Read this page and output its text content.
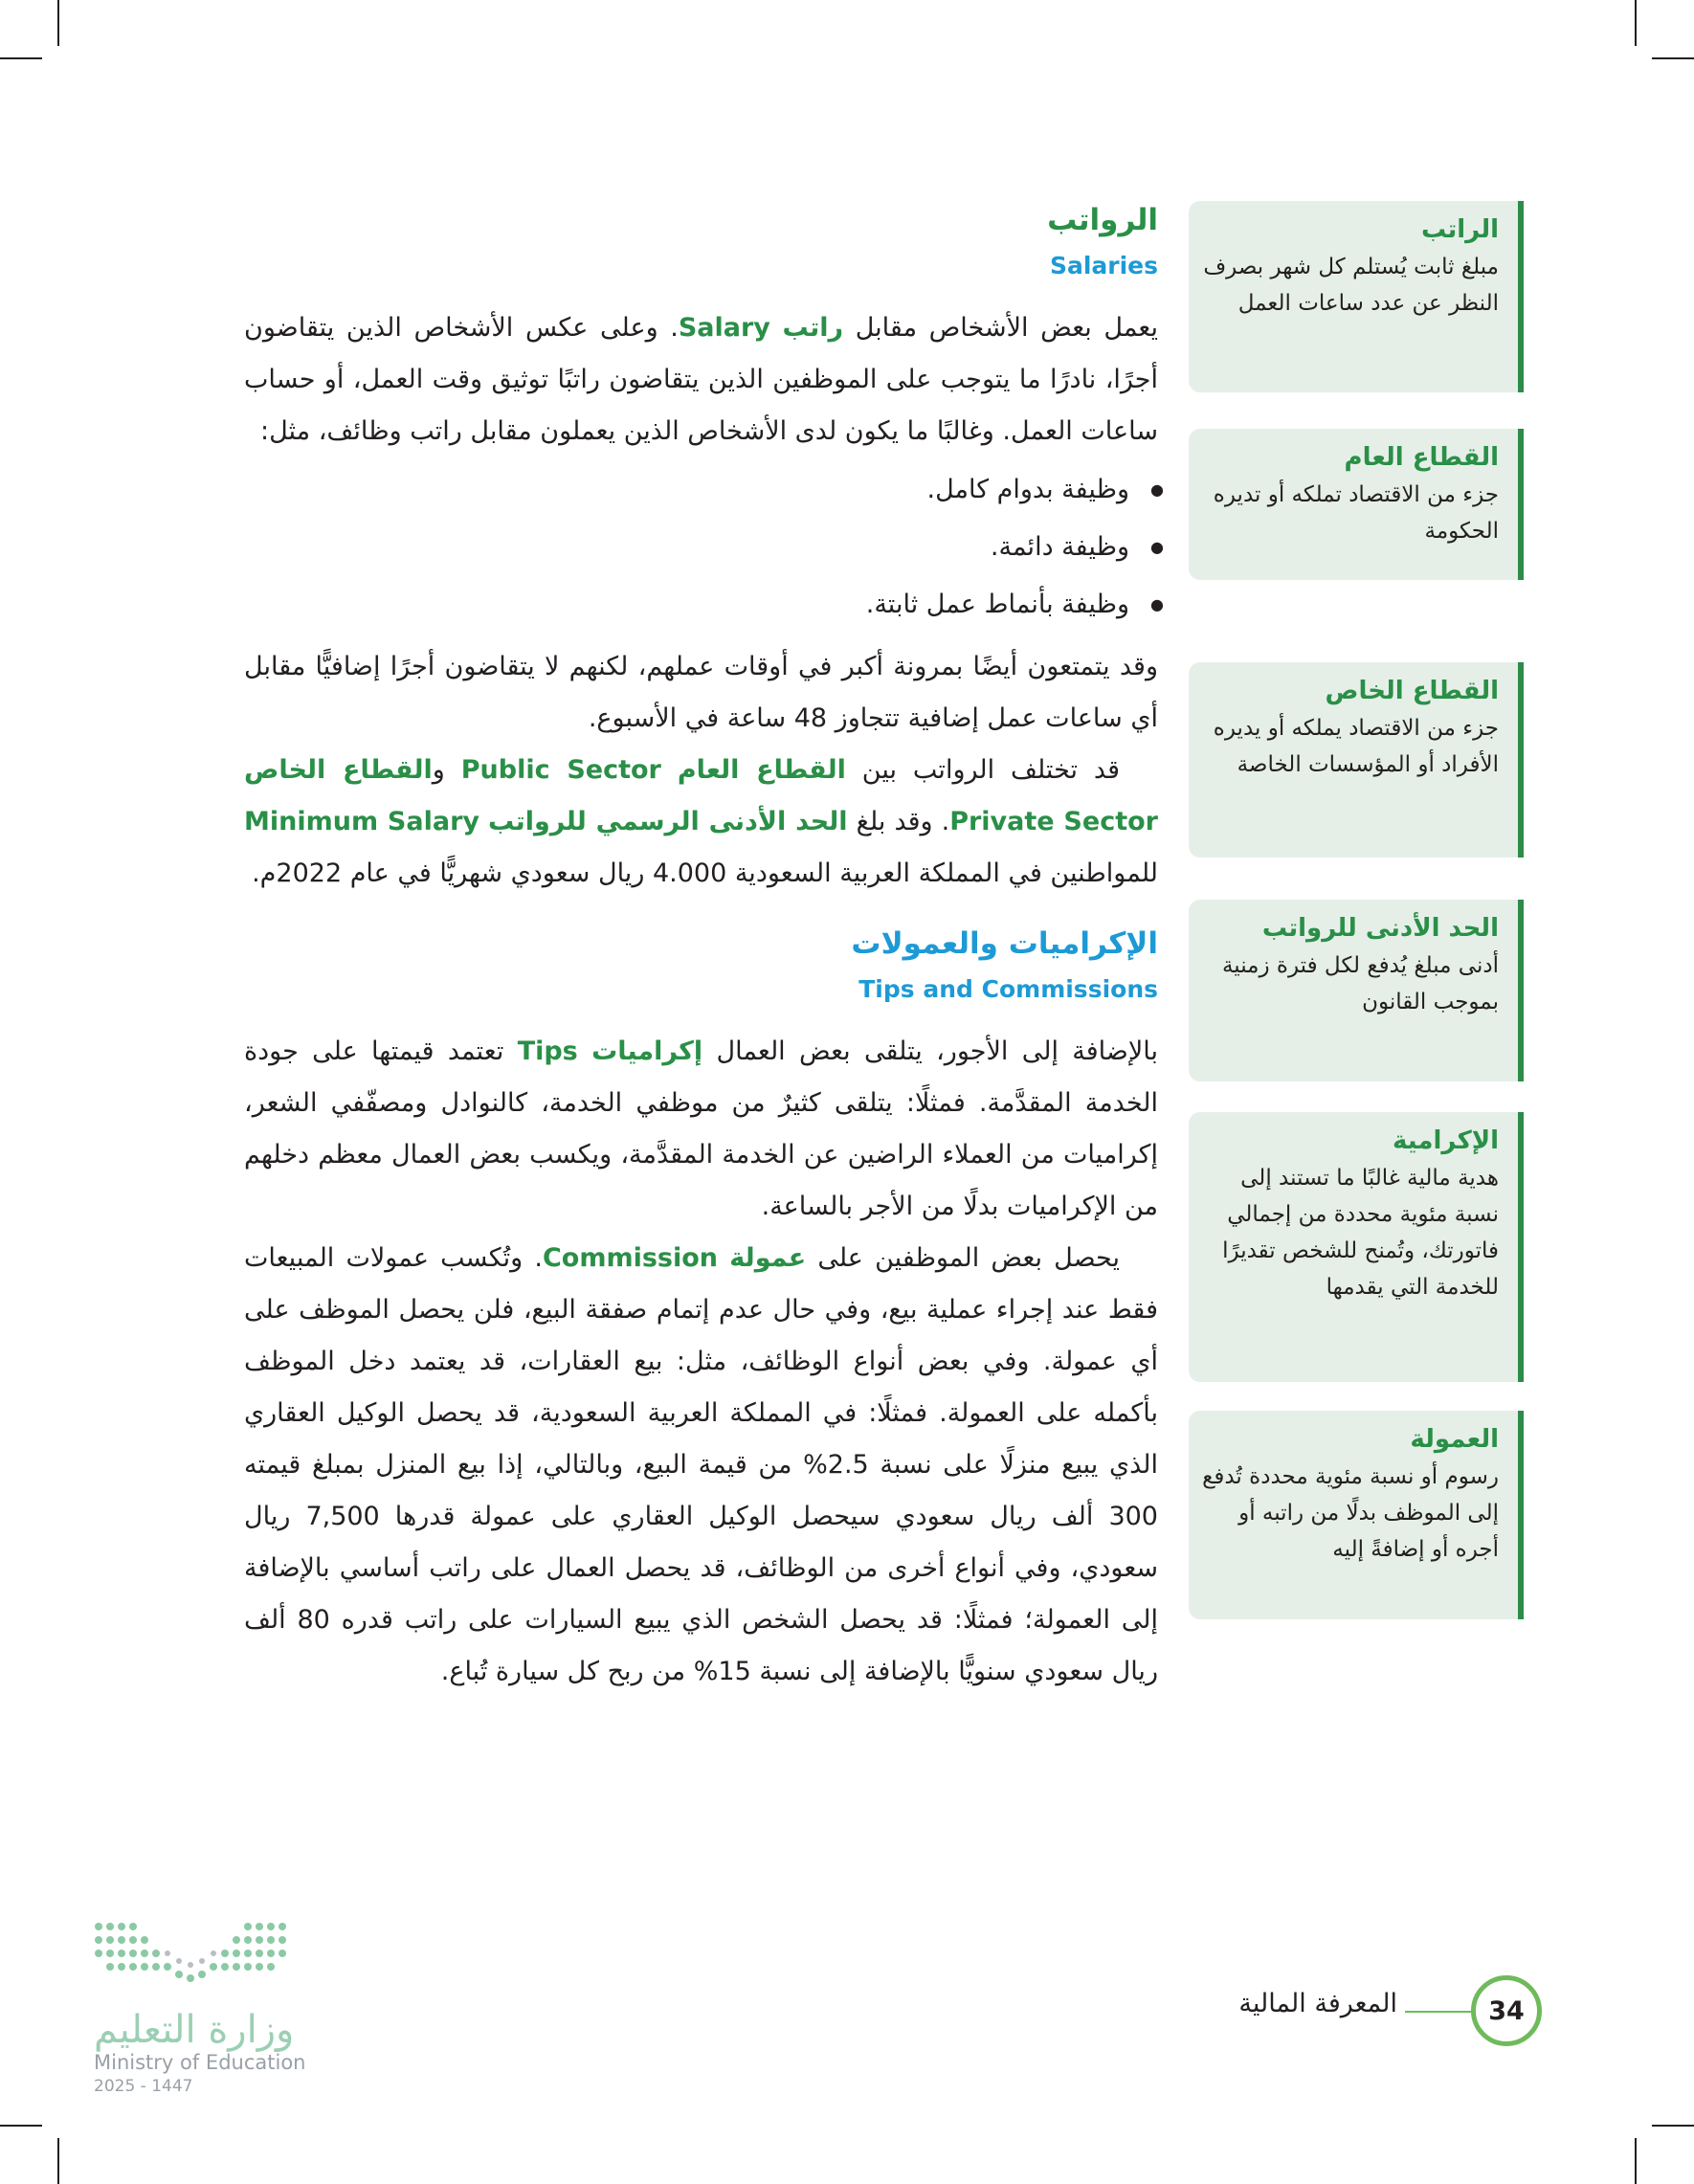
الرواتب
Salaries

يعمل بعض الأشخاص مقابل راتب Salary. وعلى عكس الأشخاص الذين يتقاضون أجرًا، نادرًا ما يتوجب على الموظفين الذين يتقاضون راتبًا توثيق وقت العمل، أو حساب ساعات العمل. وغالبًا ما يكون لدى الأشخاص الذين يعملون مقابل راتب وظائف، مثل:

● وظيفة بدوام كامل.
● وظيفة دائمة.
● وظيفة بأنماط عمل ثابتة.

وقد يتمتعون أيضًا بمرونة أكبر في أوقات عملهم، لكنهم لا يتقاضون أجرًا إضافيًّا مقابل أي ساعات عمل إضافية تتجاوز 48 ساعة في الأسبوع.

قد تختلف الرواتب بين القطاع العام Public Sector والقطاع الخاص Private Sector. وقد بلغ الحد الأدنى الرسمي للرواتب Minimum Salary للمواطنين في المملكة العربية السعودية 4.000 ريال سعودي شهريًّا في عام 2022م.

الإكراميات والعمولات
Tips and Commissions

بالإضافة إلى الأجور، يتلقى بعض العمال إكراميات Tips تعتمد قيمتها على جودة الخدمة المقدَّمة. فمثلًا: يتلقى كثيرٌ من موظفي الخدمة، كالنوادل ومصفّفي الشعر، إكراميات من العملاء الراضين عن الخدمة المقدَّمة، ويكسب بعض العمال معظم دخلهم من الإكراميات بدلًا من الأجر بالساعة.

يحصل بعض الموظفين على عمولة Commission. وتُكسب عمولات المبيعات فقط عند إجراء عملية بيع، وفي حال عدم إتمام صفقة البيع، فلن يحصل الموظف على أي عمولة. وفي بعض أنواع الوظائف، مثل: بيع العقارات، قد يعتمد دخل الموظف بأكمله على العمولة. فمثلًا: في المملكة العربية السعودية، قد يحصل الوكيل العقاري الذي يبيع منزلًا على نسبة 2.5% من قيمة البيع، وبالتالي، إذا بيع المنزل بمبلغ قيمته 300 ألف ريال سعودي سيحصل الوكيل العقاري على عمولة قدرها 7,500 ريال سعودي، وفي أنواع أخرى من الوظائف، قد يحصل العمال على راتب أساسي بالإضافة إلى العمولة؛ فمثلًا: قد يحصل الشخص الذي يبيع السيارات على راتب قدره 80 ألف ريال سعودي سنويًّا بالإضافة إلى نسبة 15% من ربح كل سيارة تُباع.

الراتب
مبلغ ثابت يُستلم كل شهر بصرف النظر عن عدد ساعات العمل
القطاع العام
جزء من الاقتصاد تملكه أو تديره الحكومة
القطاع الخاص
جزء من الاقتصاد يملكه أو يديره الأفراد أو المؤسسات الخاصة
الحد الأدنى للرواتب
أدنى مبلغ يُدفع لكل فترة زمنية بموجب القانون
الإكرامية
هدية مالية غالبًا ما تستند إلى نسبة مئوية محددة من إجمالي فاتورتك، وتُمنح للشخص تقديرًا للخدمة التي يقدمها
العمولة
رسوم أو نسبة مئوية محددة تُدفع إلى الموظف بدلًا من راتبه أو أجره أو إضافةً إليه
المعرفة المالية	34
وزارة التعليم
Ministry of Education
2025 - 1447
